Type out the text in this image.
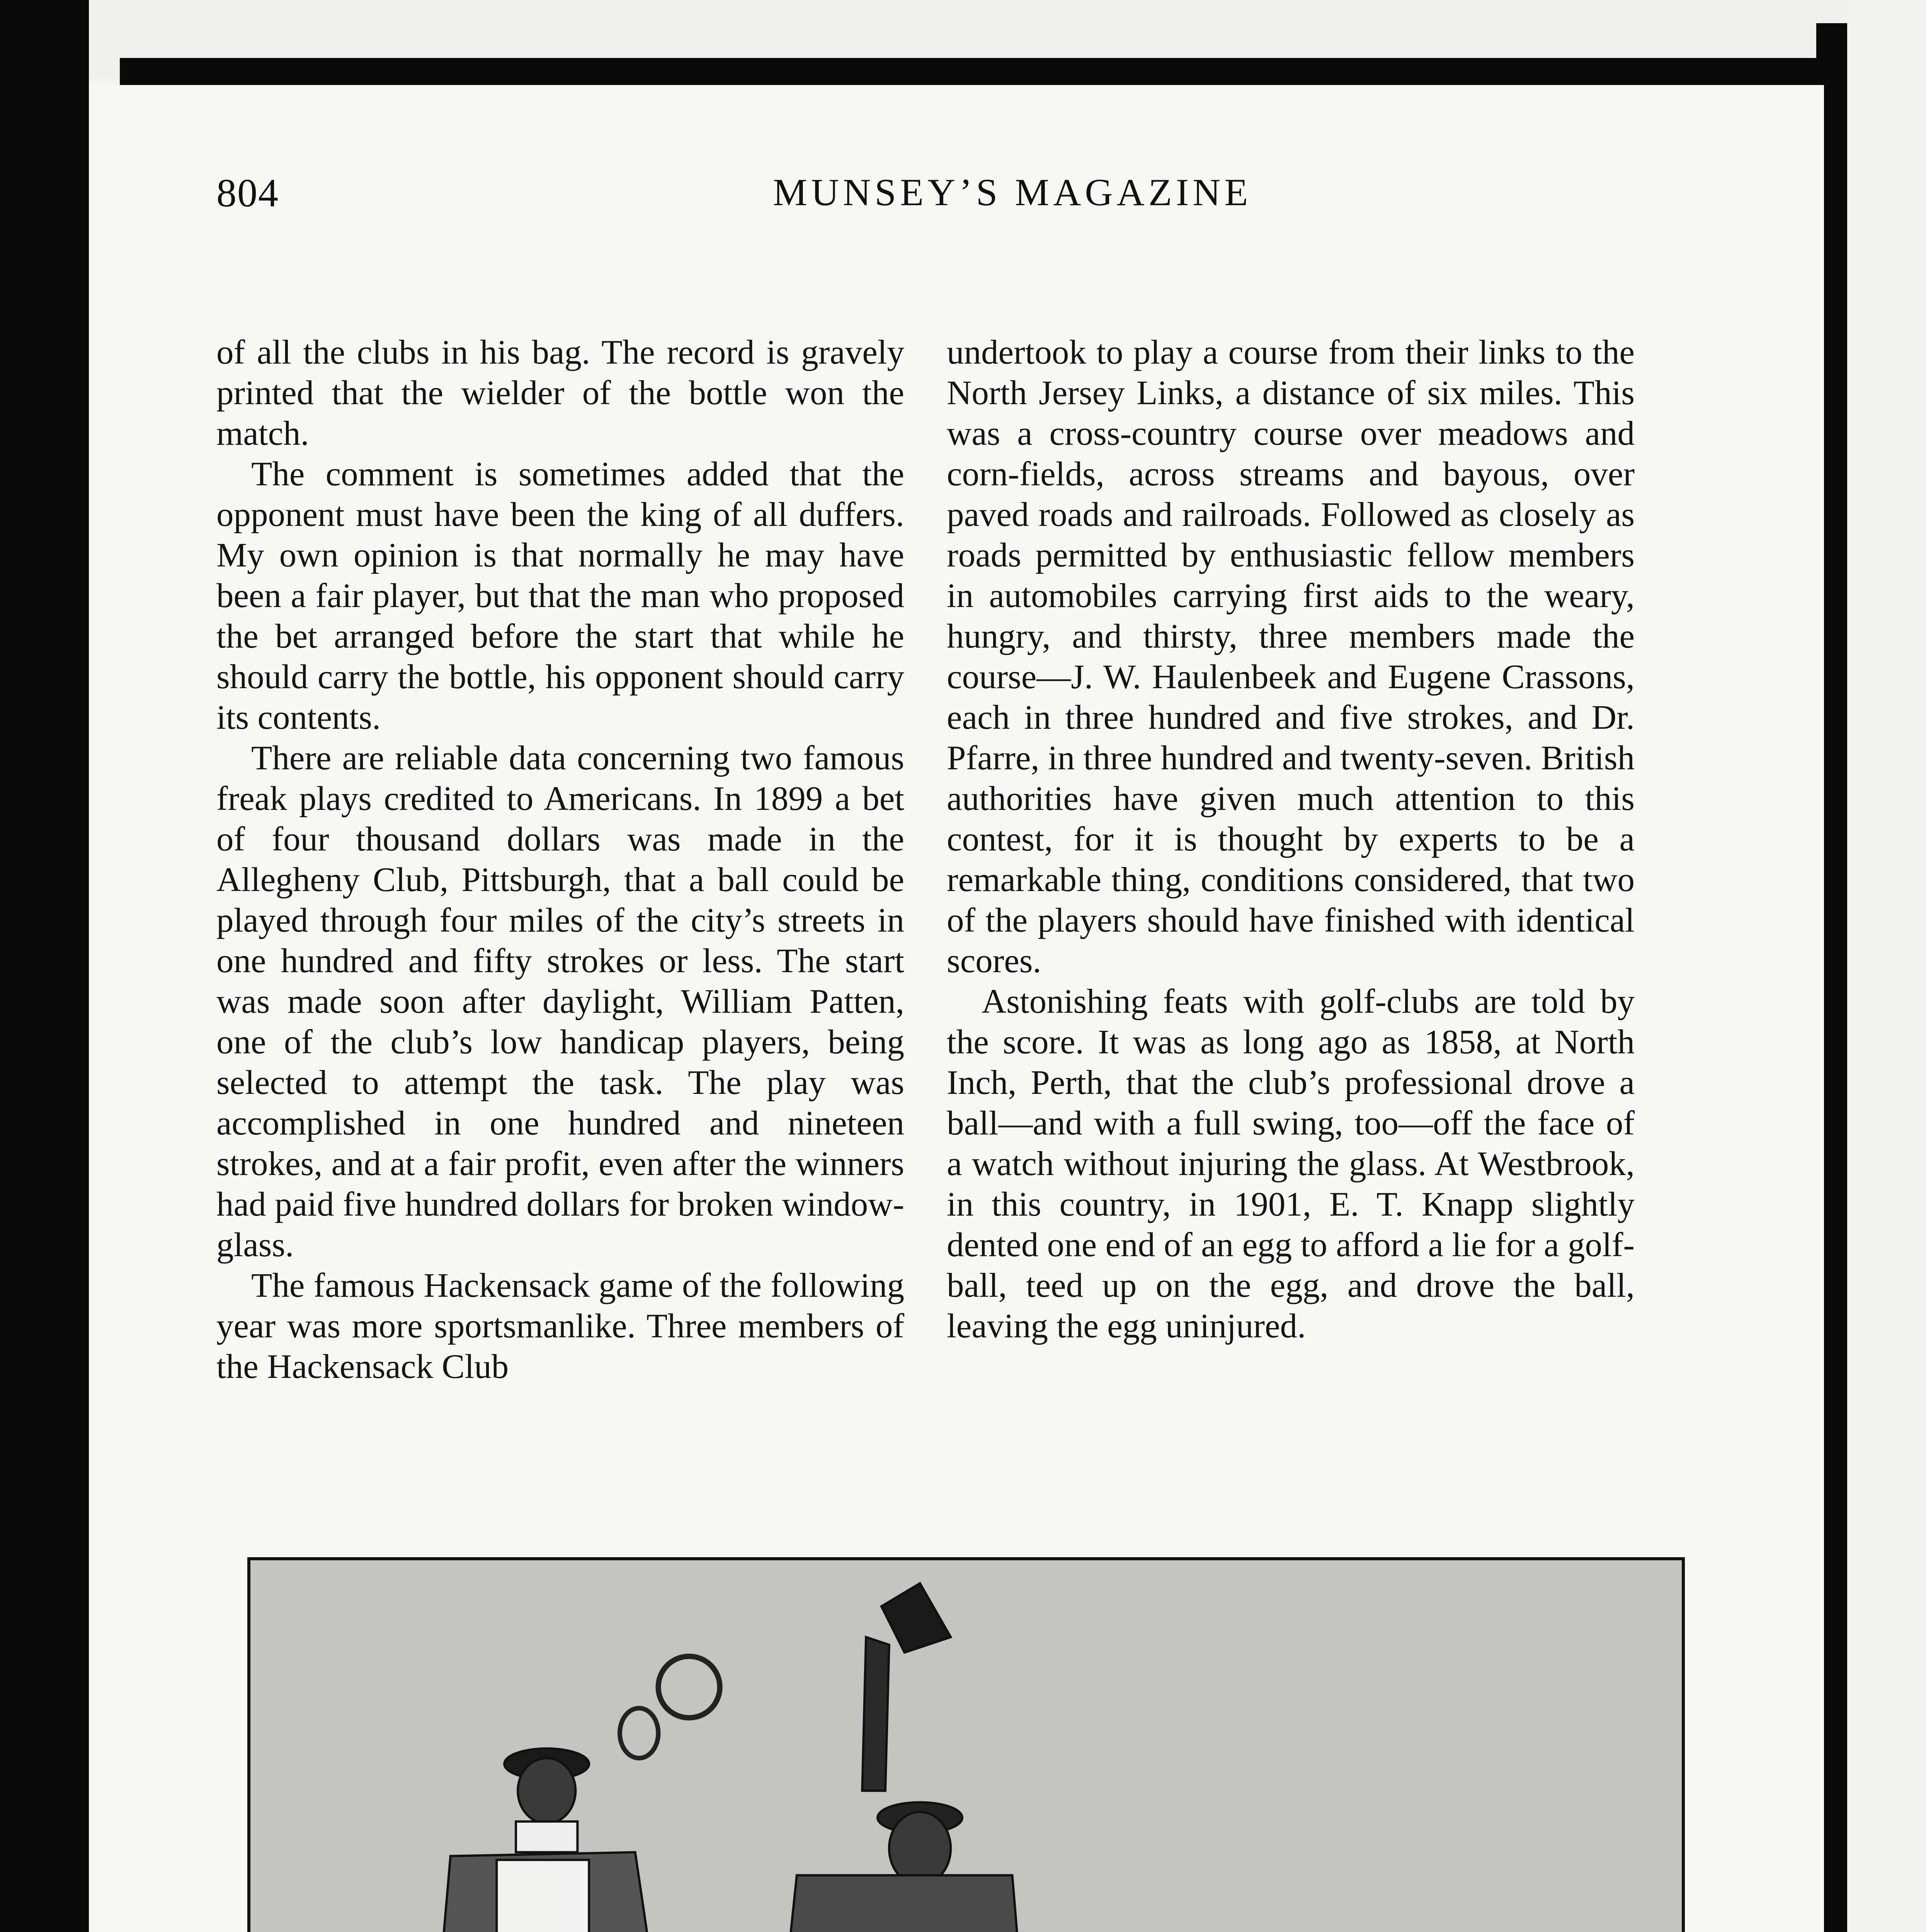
804	MUNSEY’S MAGAZINE

of all the clubs in his bag. The record is gravely printed that the wielder of the bottle won the match.

The comment is sometimes added that the opponent must have been the king of all duffers. My own opinion is that normally he may have been a fair player, but that the man who proposed the bet arranged before the start that while he should carry the bottle, his opponent should carry its contents.

There are reliable data concerning two famous freak plays credited to Americans. In 1899 a bet of four thousand dollars was made in the Allegheny Club, Pittsburgh, that a ball could be played through four miles of the city’s streets in one hundred and fifty strokes or less. The start was made soon after daylight, William Patten, one of the club’s low handicap players, being selected to attempt the task. The play was accomplished in one hundred and nineteen strokes, and at a fair profit, even after the winners had paid five hundred dollars for broken window-glass.

The famous Hackensack game of the following year was more sportsmanlike. Three members of the Hackensack Club

undertook to play a course from their links to the North Jersey Links, a distance of six miles. This was a cross-country course over meadows and corn-fields, across streams and bayous, over paved roads and railroads. Followed as closely as roads permitted by enthusiastic fellow members in automobiles carrying first aids to the weary, hungry, and thirsty, three members made the course—J. W. Haulenbeek and Eugene Crassons, each in three hundred and five strokes, and Dr. Pfarre, in three hundred and twenty-seven. British authorities have given much attention to this contest, for it is thought by experts to be a remarkable thing, conditions considered, that two of the players should have finished with identical scores.

Astonishing feats with golf-clubs are told by the score. It was as long ago as 1858, at North Inch, Perth, that the club’s professional drove a ball—and with a full swing, too—off the face of a watch without injuring the glass. At Westbrook, in this country, in 1901, E. T. Knapp slightly dented one end of an egg to afford a lie for a golf-ball, teed up on the egg, and drove the ball, leaving the egg uninjured.
